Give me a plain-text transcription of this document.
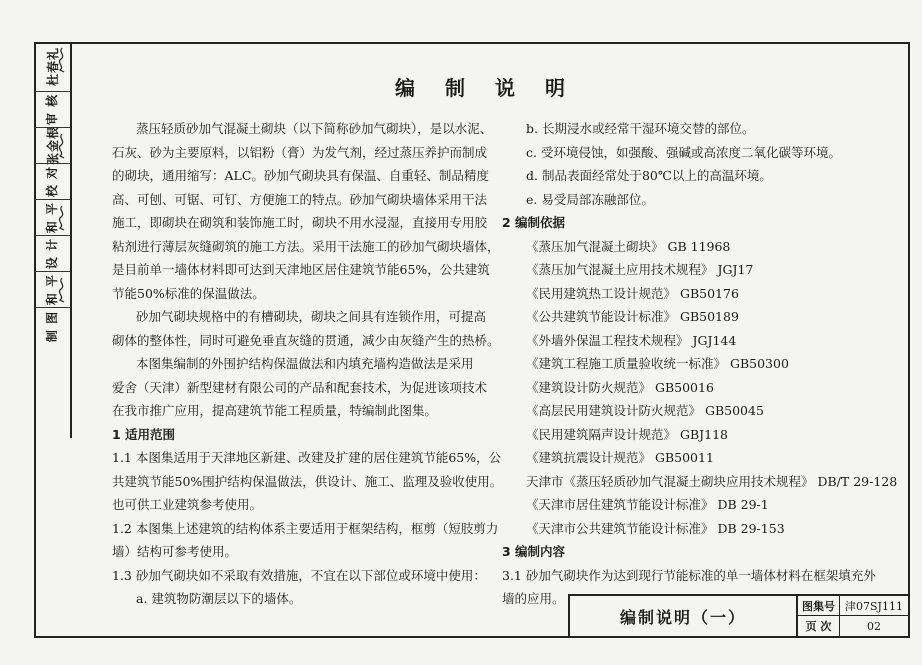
杜春礼
审 核
张金根
校 对
和 平
设 计
和 平
制 图
编制说明

蒸压轻质砂加气混凝土砌块（以下简称砂加气砌块），是以水泥、

石灰、砂为主要原料，以铝粉（膏）为发气剂，经过蒸压养护而制成

的砌块，通用缩写：ALC。砂加气砌块具有保温、自重轻、制品精度

高、可刨、可锯、可钉、方便施工的特点。砂加气砌块墙体采用干法

施工，即砌块在砌筑和装饰施工时，砌块不用水浸湿，直接用专用胶

粘剂进行薄层灰缝砌筑的施工方法。采用干法施工的砂加气砌块墙体，

是目前单一墙体材料即可达到天津地区居住建筑节能65%，公共建筑

节能50%标准的保温做法。

砂加气砌块规格中的有槽砌块，砌块之间具有连锁作用，可提高

砌体的整体性，同时可避免垂直灰缝的贯通，减少由灰缝产生的热桥。

本图集编制的外围护结构保温做法和内填充墙构造做法是采用

爱舍（天津）新型建材有限公司的产品和配套技术，为促进该项技术

在我市推广应用，提高建筑节能工程质量，特编制此图集。

1 适用范围

1.1 本图集适用于天津地区新建、改建及扩建的居住建筑节能65%，公

共建筑节能50%围护结构保温做法，供设计、施工、监理及验收使用。

也可供工业建筑参考使用。

1.2 本图集上述建筑的结构体系主要适用于框架结构，框剪（短肢剪力

墙）结构可参考使用。

1.3 砂加气砌块如不采取有效措施，不宜在以下部位或环境中使用：

a. 建筑物防潮层以下的墙体。

b. 长期浸水或经常干湿环境交替的部位。

c. 受环境侵蚀，如强酸、强碱或高浓度二氧化碳等环境。

d. 制品表面经常处于80℃以上的高温环境。

e. 易受局部冻融部位。

2 编制依据

《蒸压加气混凝土砌块》 GB 11968

《蒸压加气混凝土应用技术规程》 JGJ17

《民用建筑热工设计规范》 GB50176

《公共建筑节能设计标准》 GB50189

《外墙外保温工程技术规程》 JGJ144

《建筑工程施工质量验收统一标准》 GB50300

《建筑设计防火规范》 GB50016

《高层民用建筑设计防火规范》 GB50045

《民用建筑隔声设计规范》 GBJ118

《建筑抗震设计规范》 GB50011

天津市《蒸压轻质砂加气混凝土砌块应用技术规程》 DB/T 29-128

《天津市居住建筑节能设计标准》 DB 29-1

《天津市公共建筑节能设计标准》 DB 29-153

3 编制内容

3.1 砂加气砌块作为达到现行节能标准的单一墙体材料在框架填充外

墙的应用。

编制说明（一）
图集号 津07SJ111
页 次	02
